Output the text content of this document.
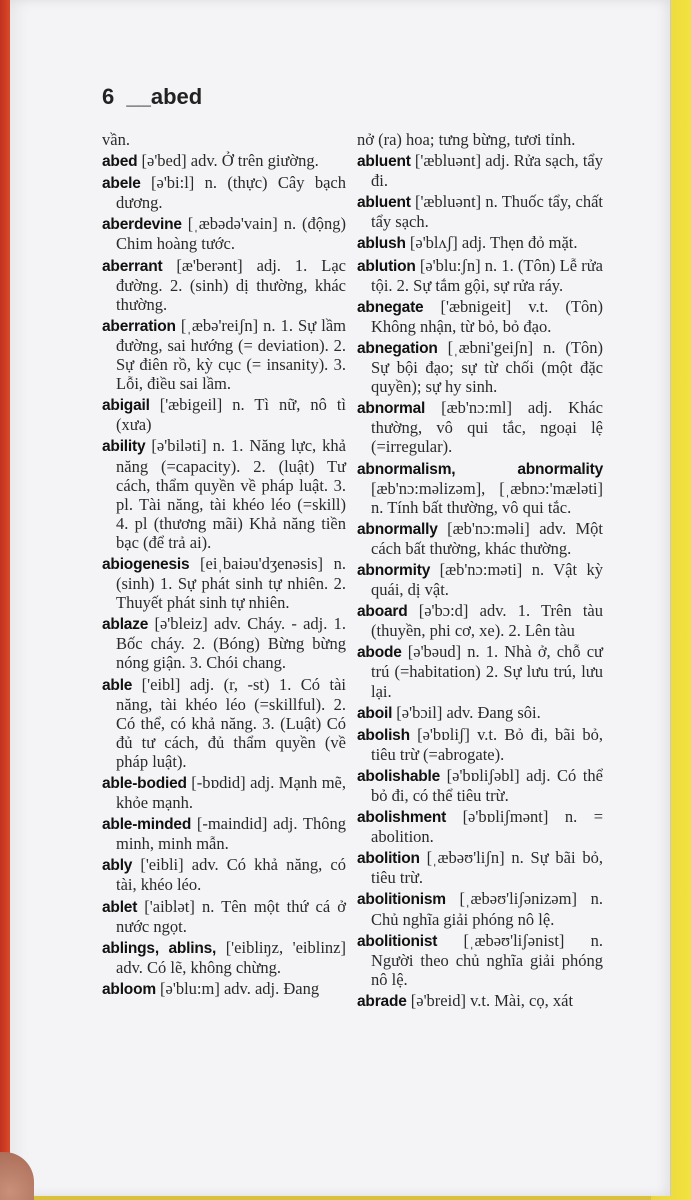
6 __abed
vần.
abed [ə'bed] adv. Ở trên giường.
abele [ə'bi:l] n. (thực) Cây bạch dương.
aberdevine [ˌæbədə'vain] n. (động) Chim hoàng tước.
aberrant [æ'berənt] adj. 1. Lạc đường. 2. (sinh) dị thường, khác thường.
aberration [ˌæbə'reiʃn] n. 1. Sự lầm đường, sai hướng (= deviation). 2. Sự điên rồ, kỳ cục (= insanity). 3. Lỗi, điều sai lầm.
abigail ['æbigeil] n. Tì nữ, nô tì (xưa)
ability [ə'biləti] n. 1. Năng lực, khả năng (=capacity). 2. (luật) Tư cách, thẩm quyền về pháp luật. 3. pl. Tài năng, tài khéo léo (=skill) 4. pl (thương mãi) Khả năng tiền bạc (để trả ai).
abiogenesis [eiˌbaiəu'dʒenəsis] n. (sinh) 1. Sự phát sinh tự nhiên. 2. Thuyết phát sinh tự nhiên.
ablaze [ə'bleiz] adv. Cháy. - adj. 1. Bốc cháy. 2. (Bóng) Bừng bừng nóng giận. 3. Chói chang.
able ['eibl] adj. (r, -st) 1. Có tài năng, tài khéo léo (=skillful). 2. Có thể, có khả năng. 3. (Luật) Có đủ tư cách, đủ thẩm quyền (về pháp luật).
able-bodied [-bɒdid] adj. Mạnh mẽ, khỏe mạnh.
able-minded [-maindid] adj. Thông minh, minh mẫn.
ably ['eibli] adv. Có khả năng, có tài, khéo léo.
ablet ['aiblət] n. Tên một thứ cá ở nước ngọt.
ablings, ablins, ['eibliŋz, 'eiblinz] adv. Có lẽ, không chừng.
abloom [ə'blu:m] adv. adj. Đang
nở (ra) hoa; tưng bừng, tươi tỉnh.
abluent ['æbluənt] adj. Rửa sạch, tẩy đi.
abluent ['æbluənt] n. Thuốc tẩy, chất tẩy sạch.
ablush [ə'blʌʃ] adj. Thẹn đỏ mặt.
ablution [ə'blu:ʃn] n. 1. (Tôn) Lễ rửa tội. 2. Sự tắm gội, sự rửa ráy.
abnegate ['æbnigeit] v.t. (Tôn) Không nhận, từ bỏ, bỏ đạo.
abnegation [ˌæbni'geiʃn] n. (Tôn) Sự bội đạo; sự từ chối (một đặc quyền); sự hy sinh.
abnormal [æb'nɔ:ml] adj. Khác thường, vô qui tắc, ngoại lệ (=irregular).
abnormalism, abnormality [æb'nɔ:məlizəm], [ˌæbnɔ:'mæləti] n. Tính bất thường, vô qui tắc.
abnormally [æb'nɔ:məli] adv. Một cách bất thường, khác thường.
abnormity [æb'nɔ:məti] n. Vật kỳ quái, dị vật.
aboard [ə'bɔ:d] adv. 1. Trên tàu (thuyền, phi cơ, xe). 2. Lên tàu
abode [ə'bəud] n. 1. Nhà ở, chỗ cư trú (=habitation) 2. Sự lưu trú, lưu lại.
aboil [ə'bɔil] adv. Đang sôi.
abolish [ə'bɒliʃ] v.t. Bỏ đi, bãi bỏ, tiêu trừ (=abrogate).
abolishable [ə'bɒliʃəbl] adj. Có thể bỏ đi, có thể tiêu trừ.
abolishment [ə'bɒliʃmənt] n. = abolition.
abolition [ˌæbəʊ'liʃn] n. Sự bãi bỏ, tiêu trừ.
abolitionism [ˌæbəʊ'liʃənizəm] n. Chủ nghĩa giải phóng nô lệ.
abolitionist [ˌæbəʊ'liʃənist] n. Người theo chủ nghĩa giải phóng nô lệ.
abrade [ə'breid] v.t. Mài, cọ, xát
